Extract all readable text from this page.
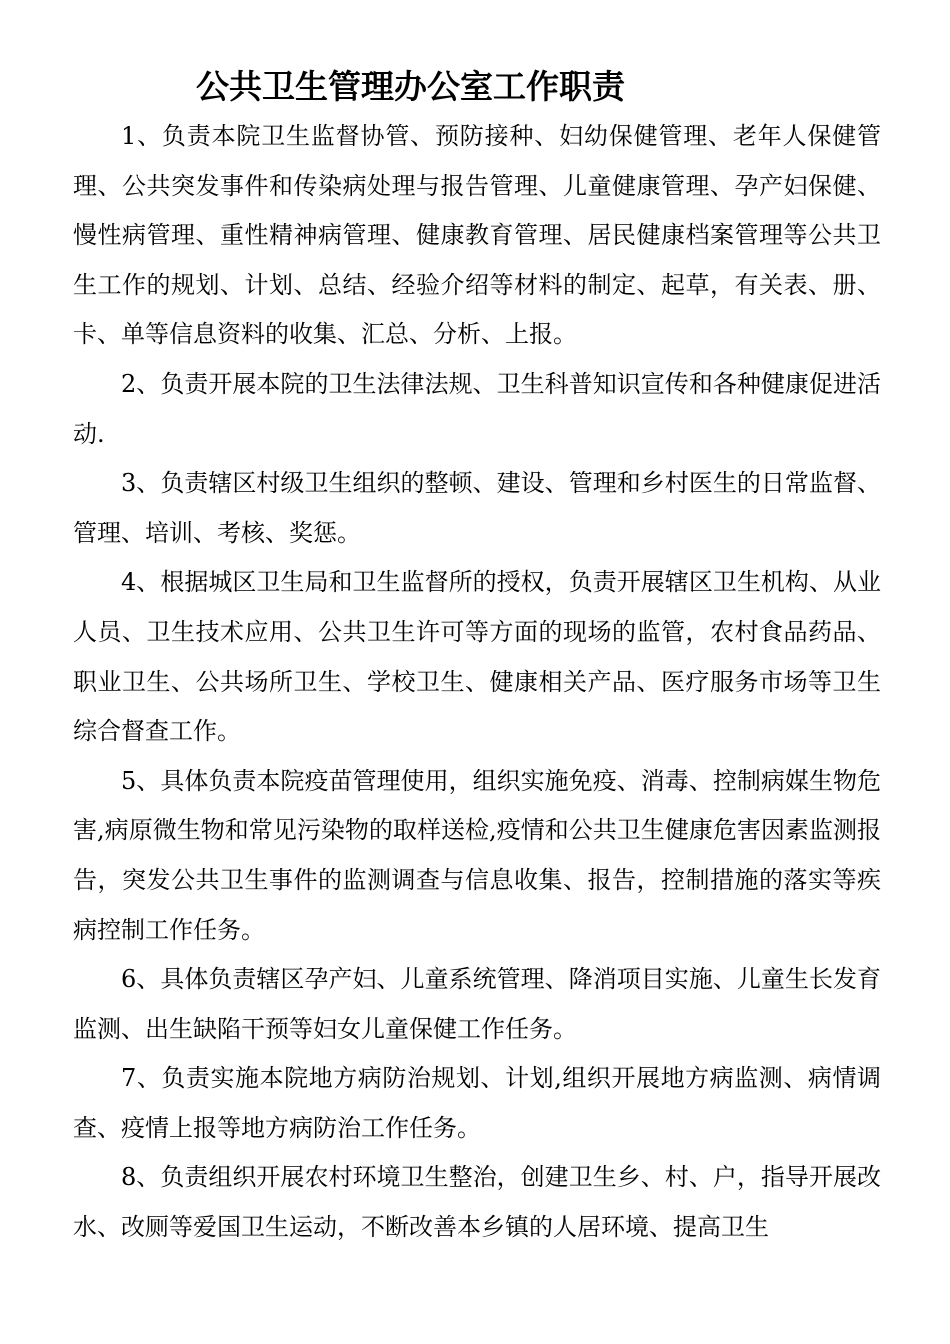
公共卫生管理办公室工作职责

1、负责本院卫生监督协管、预防接种、妇幼保健管理、老年人保健管理、公共突发事件和传染病处理与报告管理、儿童健康管理、孕产妇保健、慢性病管理、重性精神病管理、健康教育管理、居民健康档案管理等公共卫生工作的规划、计划、总结、经验介绍等材料的制定、起草，有关表、册、卡、单等信息资料的收集、汇总、分析、上报。

2、负责开展本院的卫生法律法规、卫生科普知识宣传和各种健康促进活动.

3、负责辖区村级卫生组织的整顿、建设、管理和乡村医生的日常监督、管理、培训、考核、奖惩。

4、根据城区卫生局和卫生监督所的授权，负责开展辖区卫生机构、从业人员、卫生技术应用、公共卫生许可等方面的现场的监管，农村食品药品、职业卫生、公共场所卫生、学校卫生、健康相关产品、医疗服务市场等卫生综合督查工作。

5、具体负责本院疫苗管理使用，组织实施免疫、消毒、控制病媒生物危害,病原微生物和常见污染物的取样送检,疫情和公共卫生健康危害因素监测报告，突发公共卫生事件的监测调查与信息收集、报告，控制措施的落实等疾病控制工作任务。

6、具体负责辖区孕产妇、儿童系统管理、降消项目实施、儿童生长发育监测、出生缺陷干预等妇女儿童保健工作任务。

7、负责实施本院地方病防治规划、计划,组织开展地方病监测、病情调查、疫情上报等地方病防治工作任务。

8、负责组织开展农村环境卫生整治，创建卫生乡、村、户，指导开展改水、改厕等爱国卫生运动，不断改善本乡镇的人居环境、提高卫生
